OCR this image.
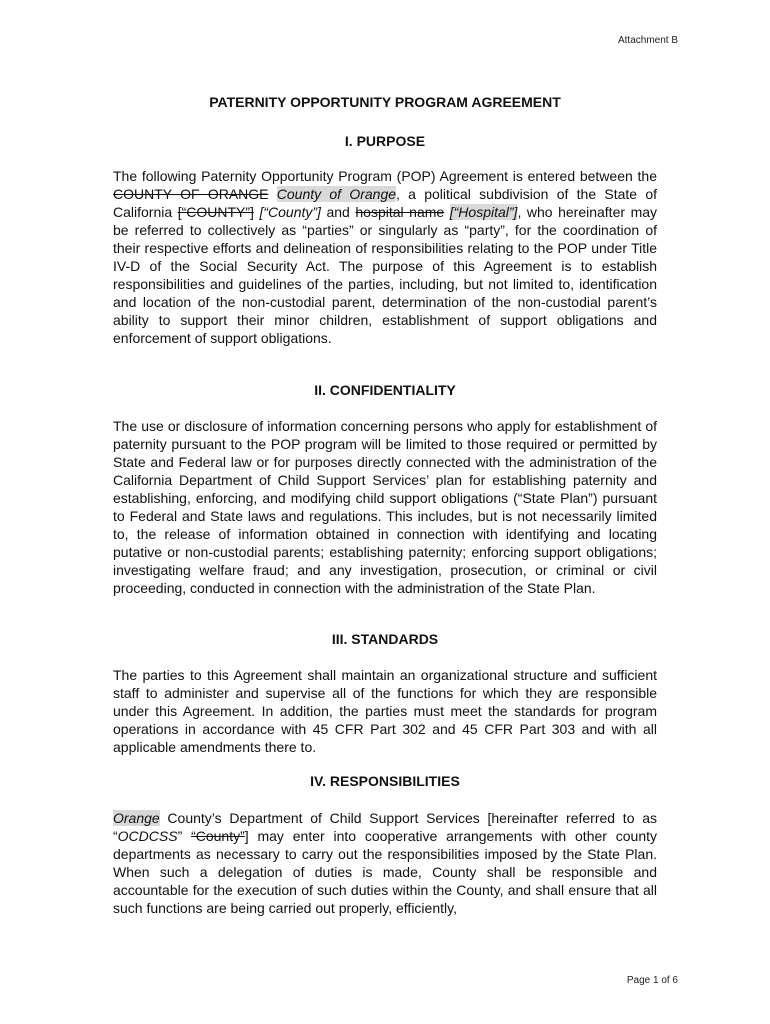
Attachment B
PATERNITY OPPORTUNITY PROGRAM AGREEMENT
I. PURPOSE

The following Paternity Opportunity Program (POP) Agreement is entered between the COUNTY OF ORANGE County of Orange, a political subdivision of the State of California [“COUNTY”] [“County”] and hospital name [“Hospital”], who hereinafter may be referred to collectively as “parties” or singularly as “party”, for the coordination of their respective efforts and delineation of responsibilities relating to the POP under Title IV-D of the Social Security Act. The purpose of this Agreement is to establish responsibilities and guidelines of the parties, including, but not limited to, identification and location of the non-custodial parent, determination of the non-custodial parent’s ability to support their minor children, establishment of support obligations and enforcement of support obligations.

II. CONFIDENTIALITY

The use or disclosure of information concerning persons who apply for establishment of paternity pursuant to the POP program will be limited to those required or permitted by State and Federal law or for purposes directly connected with the administration of the California Department of Child Support Services’ plan for establishing paternity and establishing, enforcing, and modifying child support obligations (“State Plan”) pursuant to Federal and State laws and regulations. This includes, but is not necessarily limited to, the release of information obtained in connection with identifying and locating putative or non-custodial parents; establishing paternity; enforcing support obligations; investigating welfare fraud; and any investigation, prosecution, or criminal or civil proceeding, conducted in connection with the administration of the State Plan.

III. STANDARDS

The parties to this Agreement shall maintain an organizational structure and sufficient staff to administer and supervise all of the functions for which they are responsible under this Agreement. In addition, the parties must meet the standards for program operations in accordance with 45 CFR Part 302 and 45 CFR Part 303 and with all applicable amendments there to.

IV. RESPONSIBILITIES

Orange County’s Department of Child Support Services [hereinafter referred to as “OCDCSS” “County”] may enter into cooperative arrangements with other county departments as necessary to carry out the responsibilities imposed by the State Plan. When such a delegation of duties is made, County shall be responsible and accountable for the execution of such duties within the County, and shall ensure that all such functions are being carried out properly, efficiently,

Page 1 of 6
